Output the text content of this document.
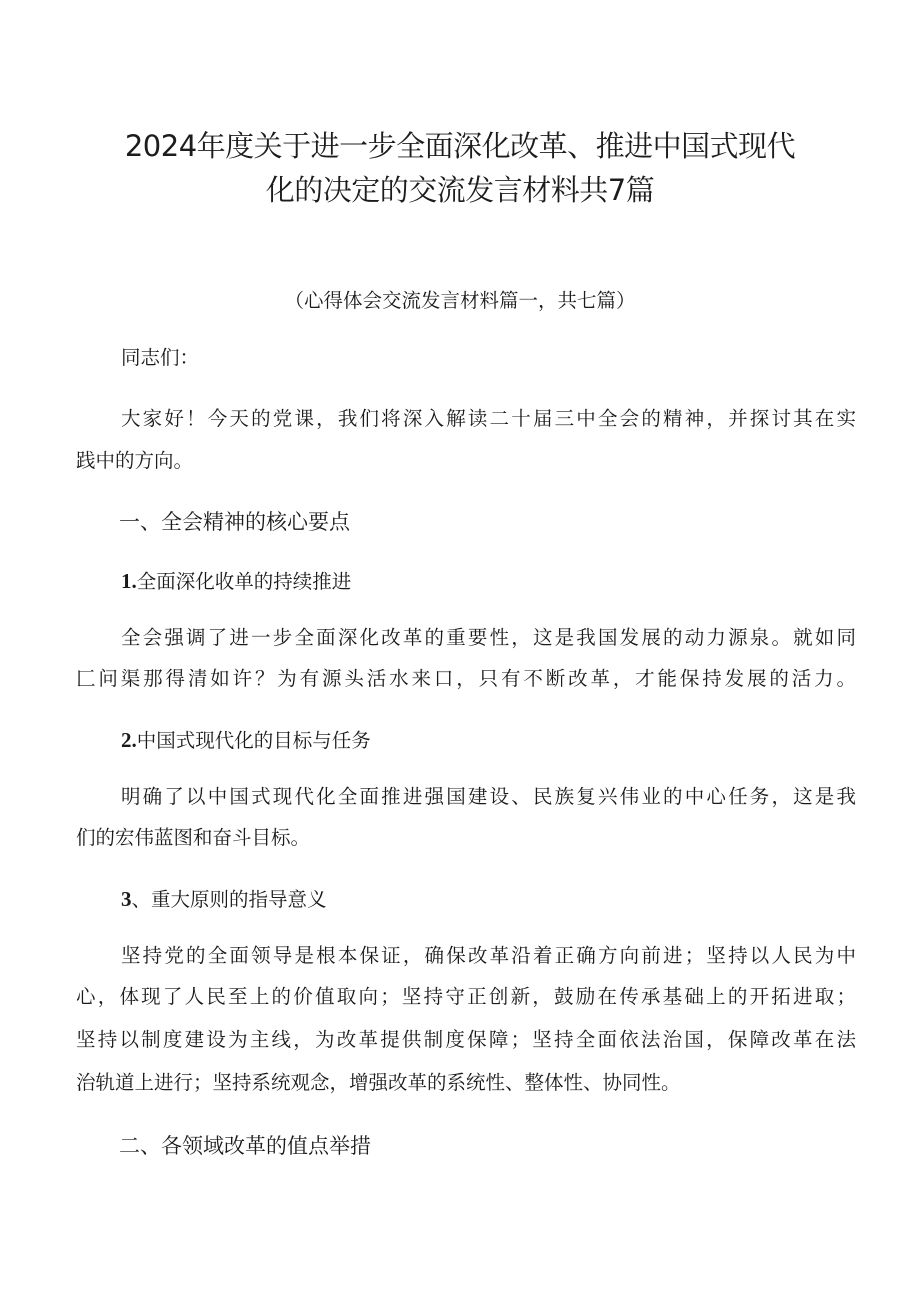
2024年度关于进一步全面深化改革、推进中国式现代
化的决定的交流发言材料共7篇
（心得体会交流发言材料篇一，共七篇）
同志们：
大家好！今天的党课，我们将深入解读二十届三中全会的精神，并探讨其在实
践中的方向。
一、全会精神的核心要点
1.全面深化收单的持续推进
全会强调了进一步全面深化改革的重要性，这是我国发展的动力源泉。就如同
匚问渠那得清如许？为有源头活水来口，只有不断改革，才能保持发展的活力。
2.中国式现代化的目标与任务
明确了以中国式现代化全面推进强国建设、民族复兴伟业的中心任务，这是我
们的宏伟蓝图和奋斗目标。
3、重大原则的指导意义
坚持党的全面领导是根本保证，确保改革沿着正确方向前进；坚持以人民为中
心，体现了人民至上的价值取向；坚持守正创新，鼓励在传承基础上的开拓进取；
坚持以制度建设为主线，为改革提供制度保障；坚持全面依法治国，保障改革在法
治轨道上进行；坚持系统观念，增强改革的系统性、整体性、协同性。
二、各领域改革的值点举措
